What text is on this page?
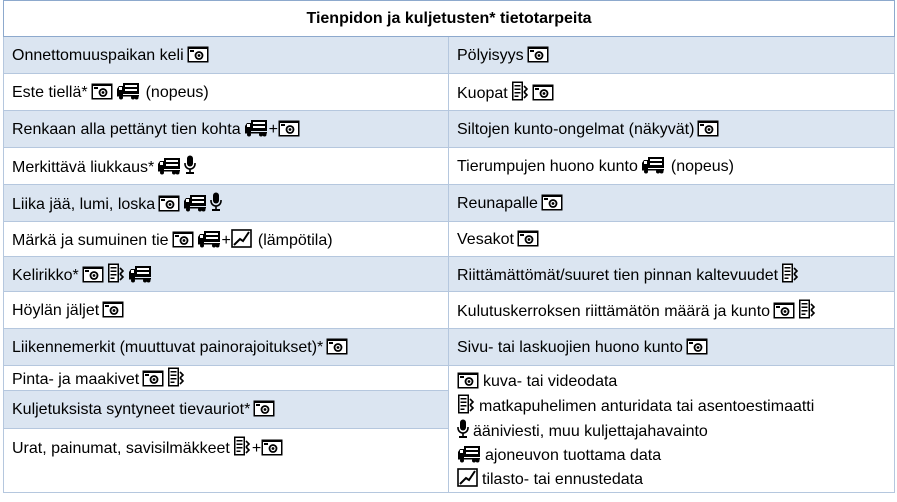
Tienpidon ja kuljetusten* tietotarpeita	
Onnettomuuspaikan keli	Pölyisyys

Este tiellä* (nopeus)	Kuopat

Renkaan alla pettänyt tien kohta +	Siltojen kunto-ongelmat (näkyvät)

Merkittävä liukkaus*	Tierumpujen huono kunto (nopeus)
Liika jää, lumi, loska	Reunapalle

Märkä ja sumuinen tie + (lämpötila)	Vesakot

Kelirikko*	Riittämättömät/suuret tien pinnan kaltevuudet

Höylän jäljet	Kulutuskerroksen riittämätön määrä ja kunto

Liikennemerkit (muuttuvat painorajoitukset)*	Sivu- tai laskuojien huono kunto

Pinta- ja maakivet	kuva- tai videodata
matkapuhelimen anturidata tai asentoestimaatti
ääniviesti, muu kuljettajahavainto
ajoneuvon tuottama data
tilasto- tai ennustedata

Kuljetuksista syntyneet tievauriot*	

Urat, painumat, savisilmäkkeet +	
